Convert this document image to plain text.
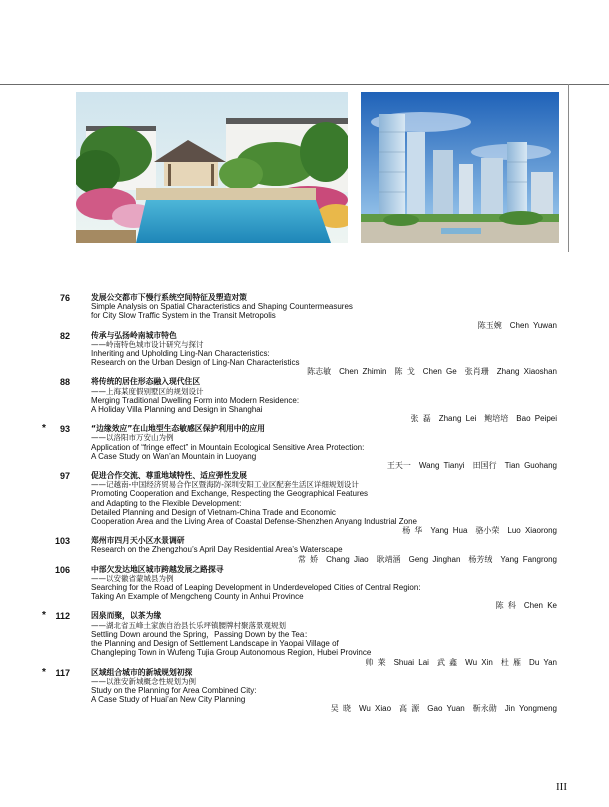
76	发展公交都市下慢行系统空间特征及塑造对策
Simple Analysis on Spatial Characteristics and Shaping Countermeasures
for City Slow Traffic System in the Transit Metropolis
陈玉婉　Chen Yuwan
82	传承与弘扬岭南城市特色
——岭南特色城市设计研究与探讨
Inheriting and Upholding Ling-Nan Characteristics:
Research on the Urban Design of Ling-Nan Characteristics
陈志敏　Chen Zhimin　陈 戈　Chen Ge　张肖珊　Zhang Xiaoshan
88	将传统的居住形态融入现代住区
——上海某度假别墅区的规划设计
Merging Traditional Dwelling Form into Modern Residence:
A Holiday Villa Planning and Design in Shanghai
张 磊　Zhang Lei　鲍培培　Bao Peipei
*	93	“边缘效应”在山地型生态敏感区保护利用中的应用
——以洛阳市万安山为例
Application of “fringe effect” in Mountain Ecological Sensitive Area Protection:
A Case Study on Wan’an Mountain in Luoyang
王天一　Wang Tianyi　田国行　Tian Guohang
97	促进合作交流、尊重地域特性、适应弹性发展
——记越南-中国经济贸易合作区暨海防-深圳安阳工业区配套生活区详细规划设计
Promoting Cooperation and Exchange, Respecting the Geographical Features
and Adapting to the Flexible Development:
Detailed Planning and Design of Vietnam-China Trade and Economic
Cooperation Area and the Living Area of Coastal Defense-Shenzhen Anyang Industrial Zone
杨 华　Yang Hua　骆小荣　Luo Xiaorong
103	郑州市四月天小区水景调研
Research on the Zhengzhou’s April Day Residential Area’s Waterscape
常 娇　Chang Jiao　耿靖涵　Geng Jinghan　杨芳绒　Yang Fangrong
106	中部欠发达地区城市跨越发展之路探寻
——以安徽省蒙城县为例
Searching for the Road of Leaping Development in Underdeveloped Cities of Central Region:
Taking An Example of Mengcheng County in Anhui Province
陈 科　Chen Ke
*	112	因泉而聚，以茶为缘
——湖北省五峰土家族自治县长乐坪镇腰牌村聚落景观规划
Settling Down around the Spring，Passing Down by the Tea：
the Planning and Design of Settlement Landscape in Yaopai Village of
Changleping Town in Wufeng Tujia Group Autonomous Region, Hubei Province
帅 莱　Shuai Lai　武 鑫　Wu Xin　杜 雁　Du Yan
*	117	区域组合城市的新城规划初探
——以淮安新城概念性规划为例
Study on the Planning for Area Combined City:
A Case Study of Huai’an New City Planning
吴 晓　Wu Xiao　高 源　Gao Yuan　靳永勋　Jin Yongmeng
III
